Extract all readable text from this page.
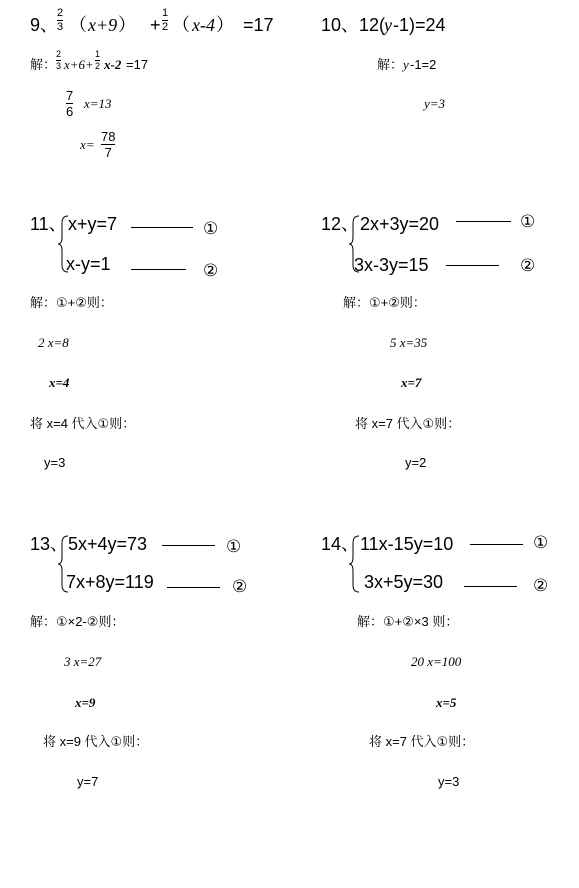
9、
2
3 （ x+9 ） +
1
2 （ x-4 ） =17
解：
2
3 x+6+
1
2 x-2 =17
7
6
x=13
x=
78
7
10、12(
y -1)=24
解： y -1=2
y=3
11、 x+y=7
x-y=1
①
②
解：①+②则：
2 x=8
x=4
将 x=4 代入①则：
y=3
12、 2x+3y=20
3x-3y=15
①
②
解：①+②则：
5 x=35
x=7
将 x=7 代入①则：
y=2
13、 5x+4y=73
7x+8y=119
①
②
解：①×2-②则：
3 x=27
x=9
将 x=9 代入①则：
y=7
14、 11x-15y=10
3x+5y=30
①
②
解：①+②×3 则：
20 x=100
x=5
将 x=7 代入①则：
y=3
